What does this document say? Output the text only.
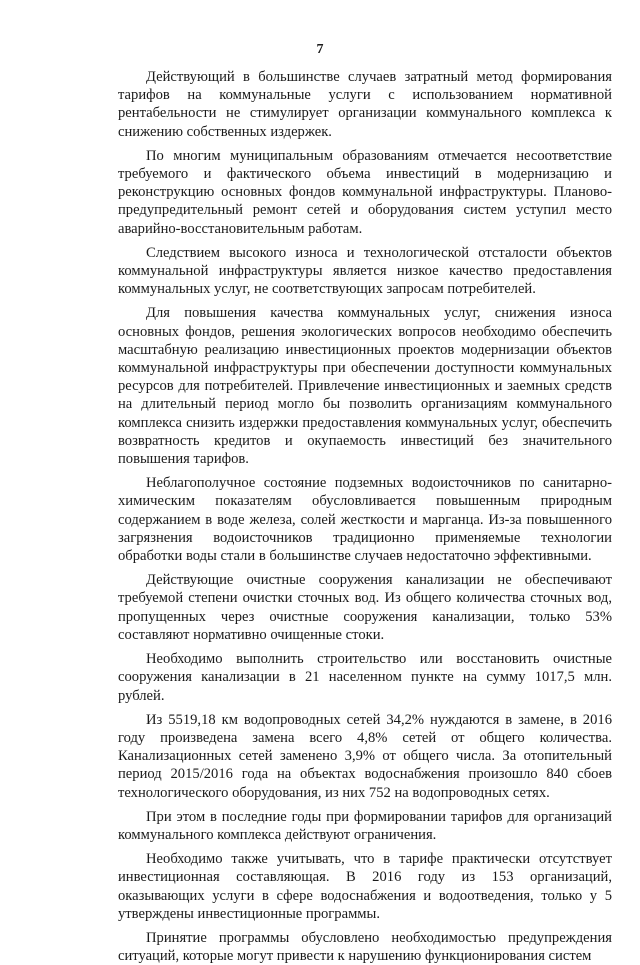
7

Действующий в большинстве случаев затратный метод формирования тарифов на коммунальные услуги с использованием нормативной рентабельности не стимулирует организации коммунального комплекса к снижению собственных издержек.

По многим муниципальным образованиям отмечается несоответствие требуемого и фактического объема инвестиций в модернизацию и реконструкцию основных фондов коммунальной инфраструктуры. Планово-предупредительный ремонт сетей и оборудования систем уступил место аварийно-восстановительным работам.

Следствием высокого износа и технологической отсталости объектов коммунальной инфраструктуры является низкое качество предоставления коммунальных услуг, не соответствующих запросам потребителей.

Для повышения качества коммунальных услуг, снижения износа основных фондов, решения экологических вопросов необходимо обеспечить масштабную реализацию инвестиционных проектов модернизации объектов коммунальной инфраструктуры при обеспечении доступности коммунальных ресурсов для потребителей. Привлечение инвестиционных и заемных средств на длительный период могло бы позволить организациям коммунального комплекса снизить издержки предоставления коммунальных услуг, обеспечить возвратность кредитов и окупаемость инвестиций без значительного повышения тарифов.

Неблагополучное состояние подземных водоисточников по санитарно-химическим показателям обусловливается повышенным природным содержанием в воде железа, солей жесткости и марганца. Из-за повышенного загрязнения водоисточников традиционно применяемые технологии обработки воды стали в большинстве случаев недостаточно эффективными.

Действующие очистные сооружения канализации не обеспечивают требуемой степени очистки сточных вод. Из общего количества сточных вод, пропущенных через очистные сооружения канализации, только 53% составляют нормативно очищенные стоки.

Необходимо выполнить строительство или восстановить очистные сооружения канализации в 21 населенном пункте на сумму 1017,5 млн. рублей.

Из 5519,18 км водопроводных сетей 34,2% нуждаются в замене, в 2016 году произведена замена всего 4,8% сетей от общего количества. Канализационных сетей заменено 3,9% от общего числа. За отопительный период 2015/2016 года на объектах водоснабжения произошло 840 сбоев технологического оборудования, из них 752 на водопроводных сетях.

При этом в последние годы при формировании тарифов для организаций коммунального комплекса действуют ограничения.

Необходимо также учитывать, что в тарифе практически отсутствует инвестиционная составляющая. В 2016 году из 153 организаций, оказывающих услуги в сфере водоснабжения и водоотведения, только у 5 утверждены инвестиционные программы.

Принятие программы обусловлено необходимостью предупреждения ситуаций, которые могут привести к нарушению функционирования систем
